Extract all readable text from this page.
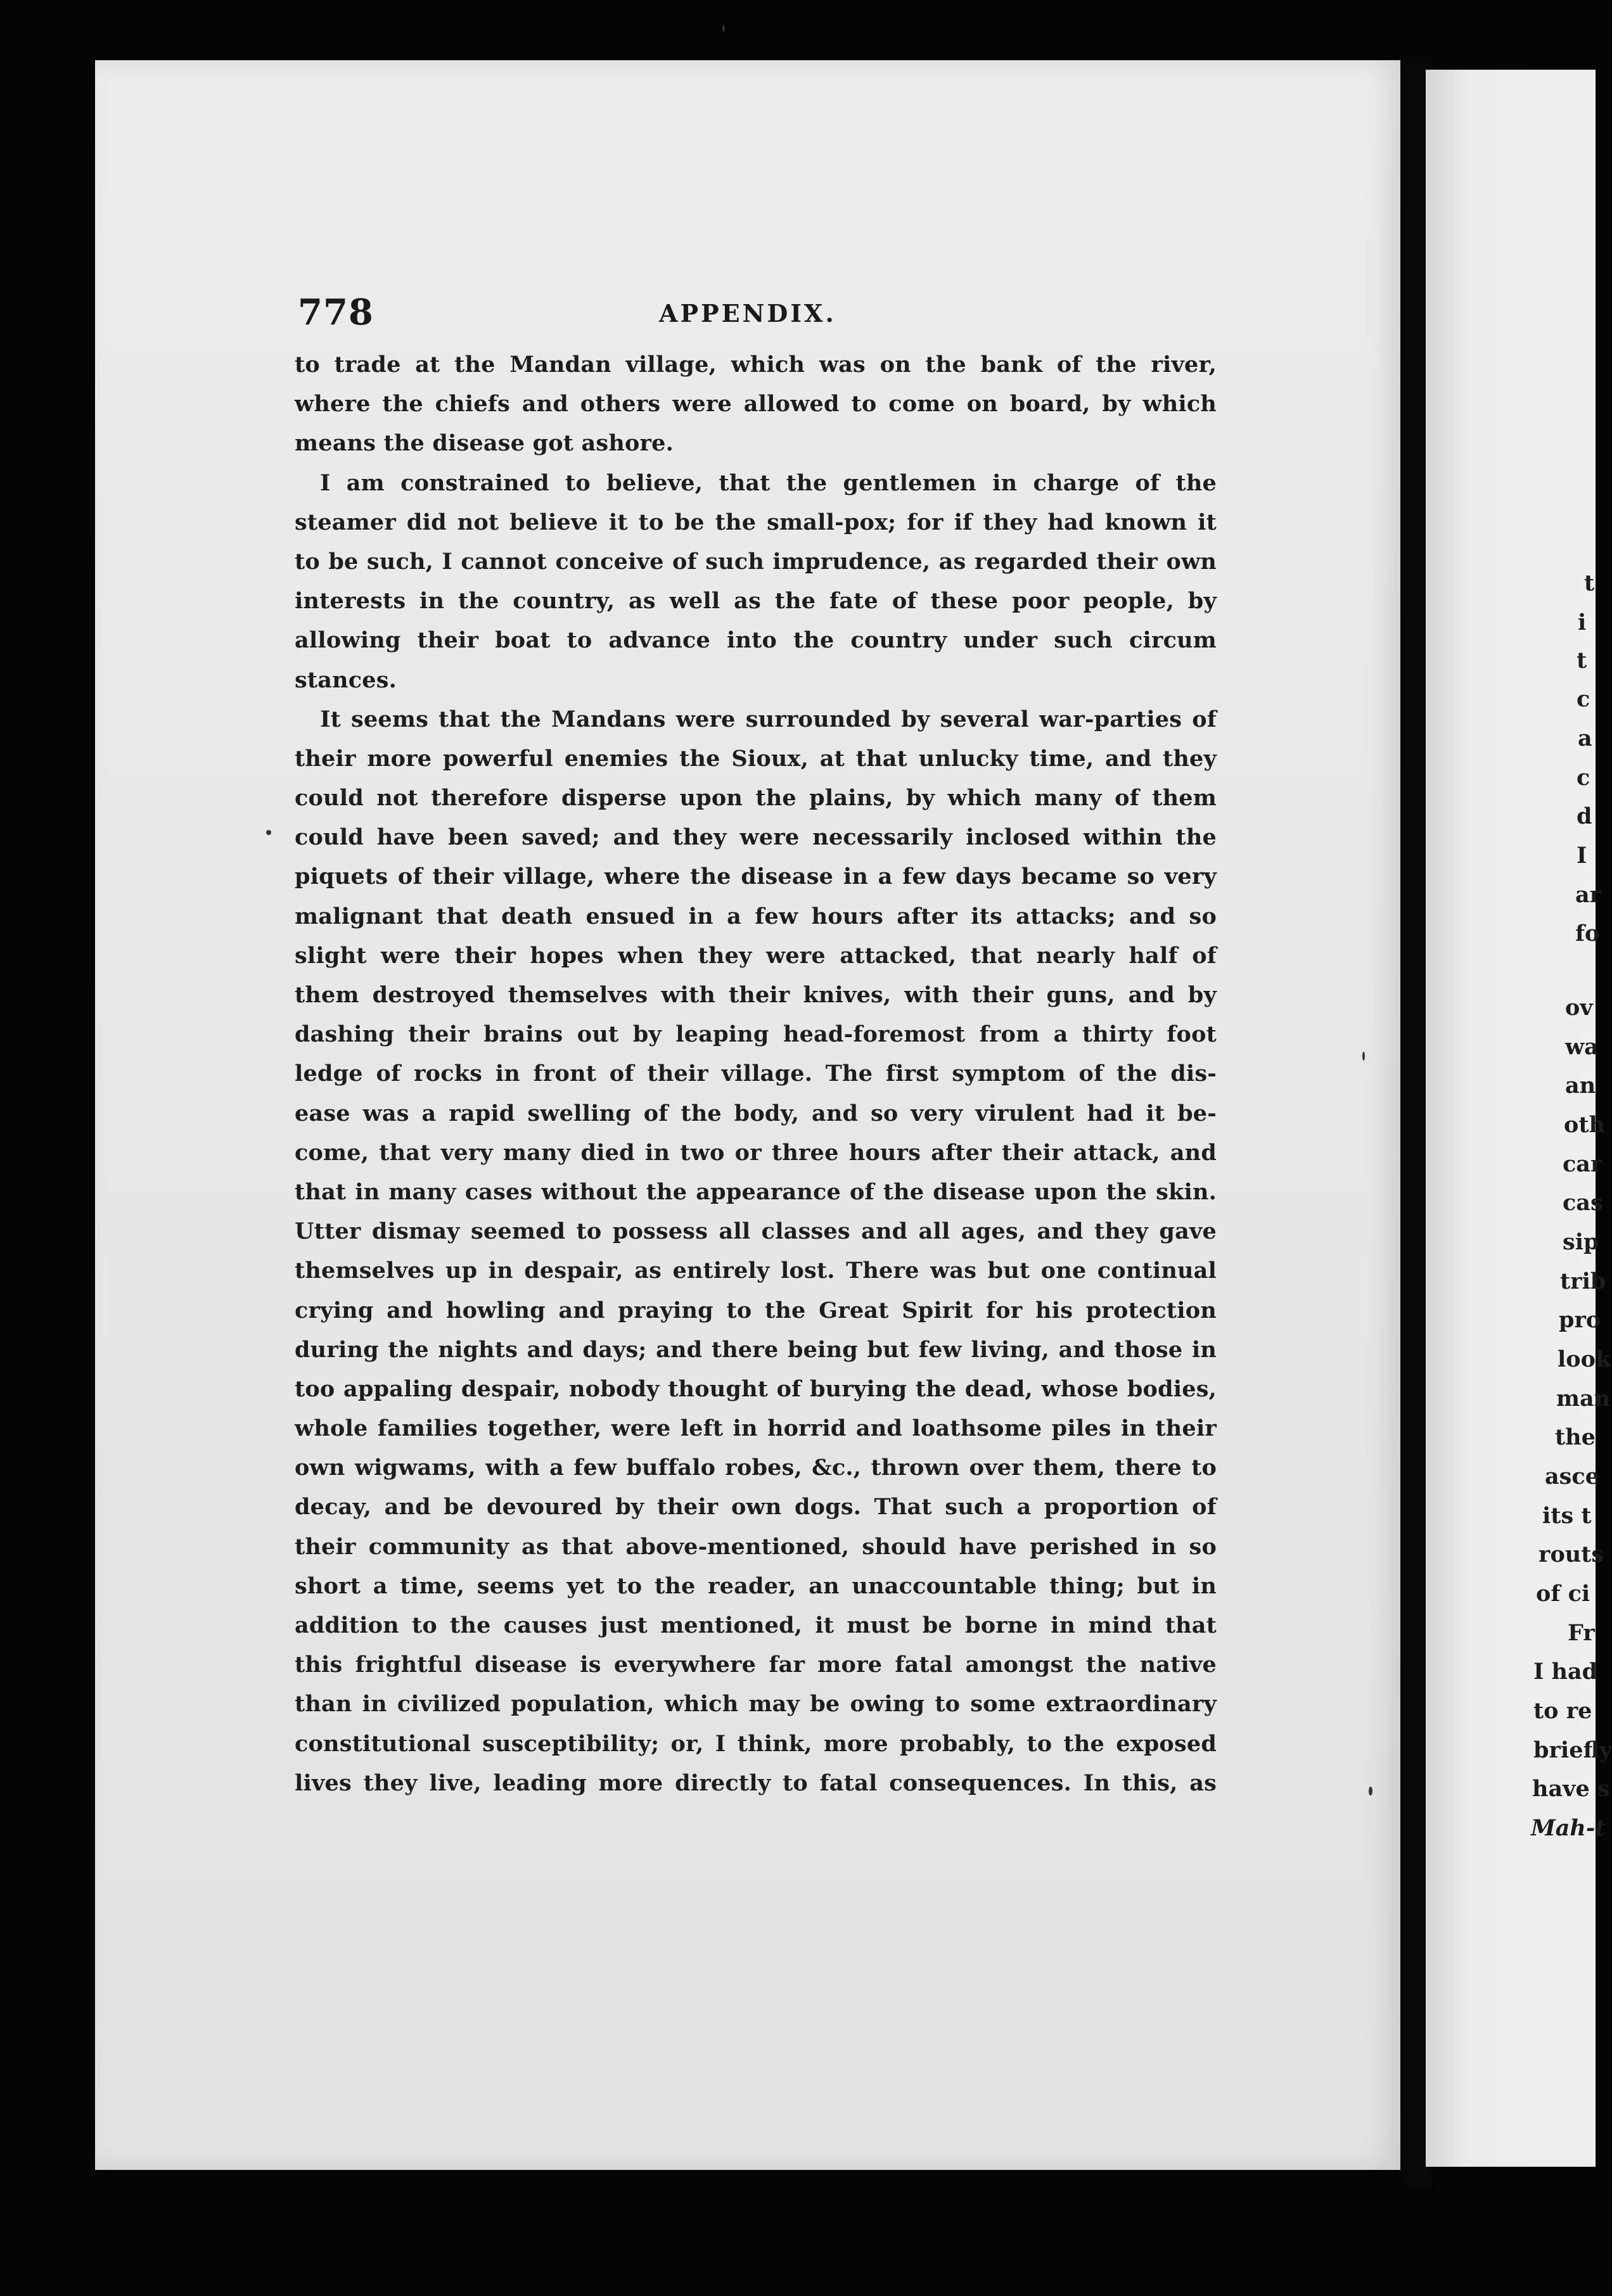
778	APPENDIX.
to trade at the Mandan village, which was on the bank of the river,
where the chiefs and others were allowed to come on board, by which
means the disease got ashore.
I am constrained to believe, that the gentlemen in charge of the
steamer did not believe it to be the small-pox; for if they had known it
to be such, I cannot conceive of such imprudence, as regarded their own
interests in the country, as well as the fate of these poor people, by
allowing their boat to advance into the country under such circum
stances.
It seems that the Mandans were surrounded by several war-parties of
their more powerful enemies the Sioux, at that unlucky time, and they
could not therefore disperse upon the plains, by which many of them
could have been saved; and they were necessarily inclosed within the
piquets of their village, where the disease in a few days became so very
malignant that death ensued in a few hours after its attacks; and so
slight were their hopes when they were attacked, that nearly half of
them destroyed themselves with their knives, with their guns, and by
dashing their brains out by leaping head-foremost from a thirty foot
ledge of rocks in front of their village. The first symptom of the dis-
ease was a rapid swelling of the body, and so very virulent had it be-
come, that very many died in two or three hours after their attack, and
that in many cases without the appearance of the disease upon the skin.
Utter dismay seemed to possess all classes and all ages, and they gave
themselves up in despair, as entirely lost. There was but one continual
crying and howling and praying to the Great Spirit for his protection
during the nights and days; and there being but few living, and those in
too appaling despair, nobody thought of burying the dead, whose bodies,
whole families together, were left in horrid and loathsome piles in their
own wigwams, with a few buffalo robes, &c., thrown over them, there to
decay, and be devoured by their own dogs. That such a proportion of
their community as that above-mentioned, should have perished in so
short a time, seems yet to the reader, an unaccountable thing; but in
addition to the causes just mentioned, it must be borne in mind that
this frightful disease is everywhere far more fatal amongst the native
than in civilized population, which may be owing to some extraordinary
constitutional susceptibility; or, I think, more probably, to the exposed
lives they live, leading more directly to fatal consequences. In this, as
t
i
t
c
a
c
d
I
ar
fo
ov
wa
an
oth
car
cas
sip
trib
pro
look
man
the
asce
its t
routs
of ci
Fr
I had
to re
briefly
have s
Mah-t
